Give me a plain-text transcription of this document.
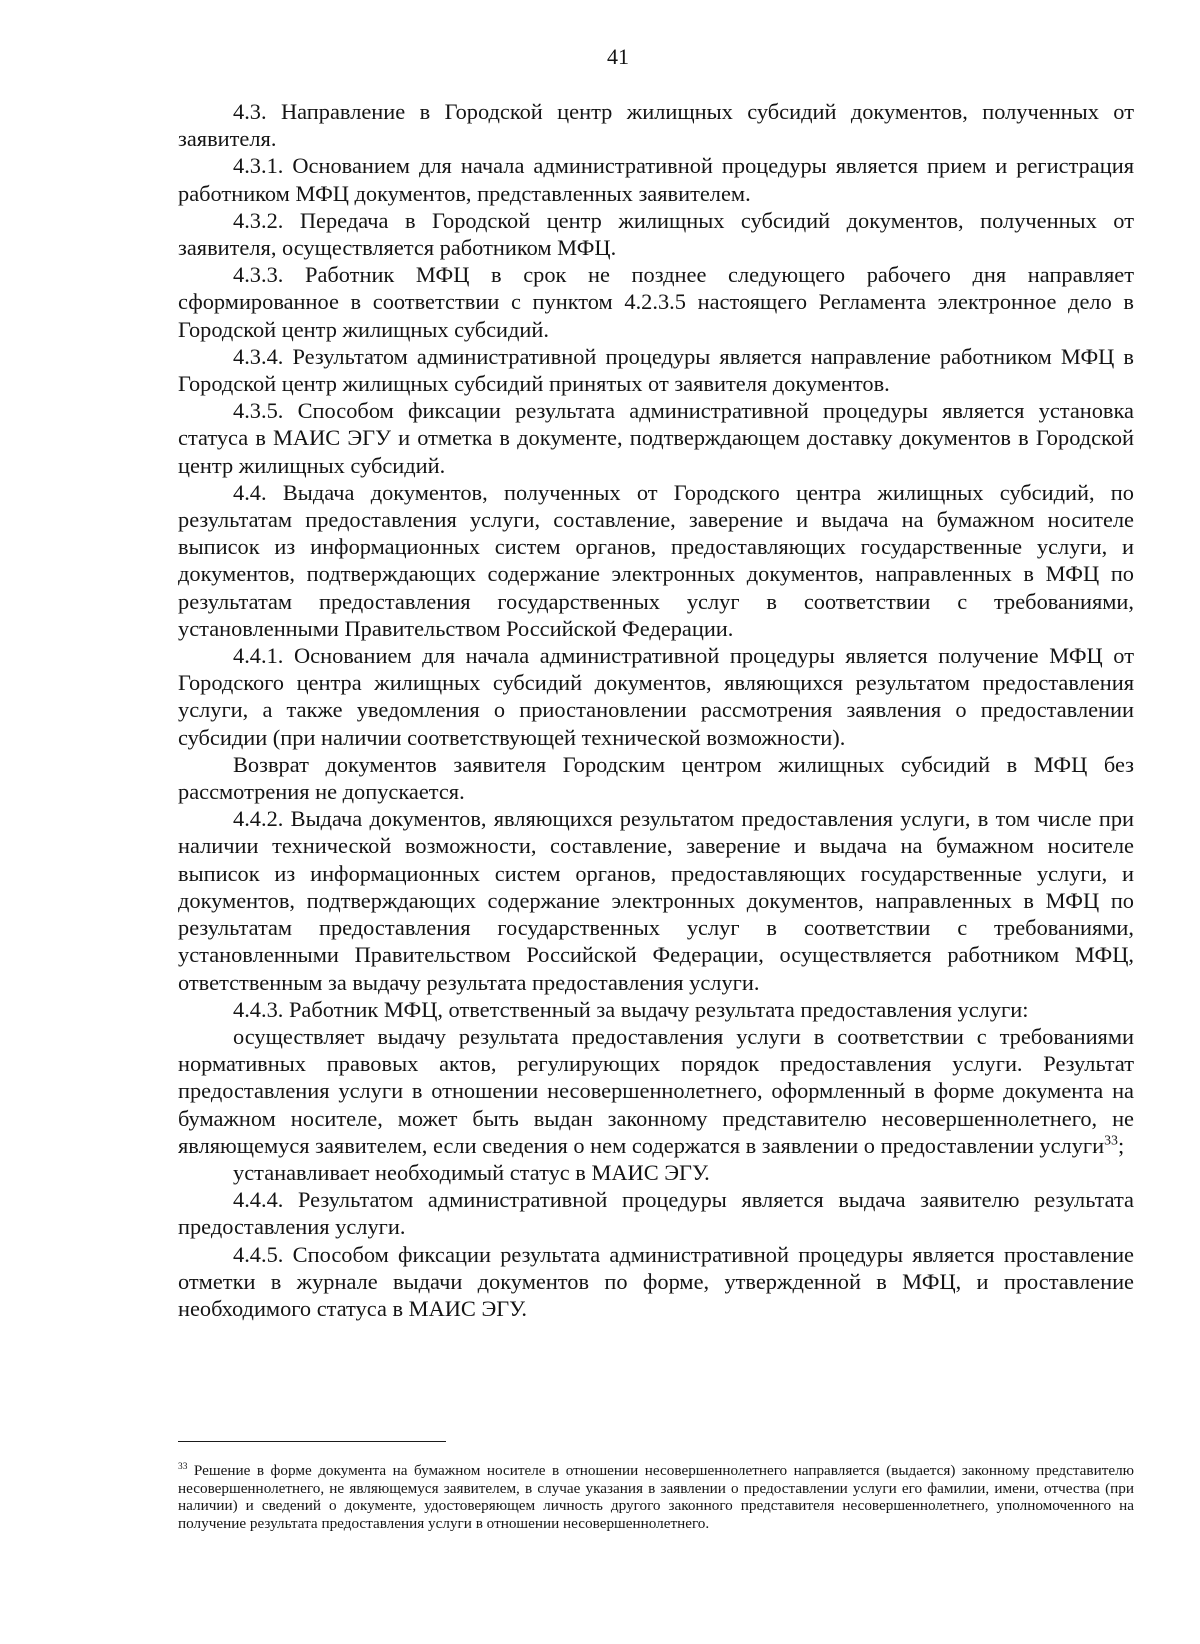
41

4.3. Направление в Городской центр жилищных субсидий документов, полученных от заявителя.

4.3.1. Основанием для начала административной процедуры является прием и регистрация работником МФЦ документов, представленных заявителем.

4.3.2. Передача в Городской центр жилищных субсидий документов, полученных от заявителя, осуществляется работником МФЦ.

4.3.3. Работник МФЦ в срок не позднее следующего рабочего дня направляет сформированное в соответствии с пунктом 4.2.3.5 настоящего Регламента электронное дело в Городской центр жилищных субсидий.

4.3.4. Результатом административной процедуры является направление работником МФЦ в Городской центр жилищных субсидий принятых от заявителя документов.

4.3.5. Способом фиксации результата административной процедуры является установка статуса в МАИС ЭГУ и отметка в документе, подтверждающем доставку документов в Городской центр жилищных субсидий.

4.4. Выдача документов, полученных от Городского центра жилищных субсидий, по результатам предоставления услуги, составление, заверение и выдача на бумажном носителе выписок из информационных систем органов, предоставляющих государственные услуги, и документов, подтверждающих содержание электронных документов, направленных в МФЦ по результатам предоставления государственных услуг в соответствии с требованиями, установленными Правительством Российской Федерации.

4.4.1. Основанием для начала административной процедуры является получение МФЦ от Городского центра жилищных субсидий документов, являющихся результатом предоставления услуги, а также уведомления о приостановлении рассмотрения заявления о предоставлении субсидии (при наличии соответствующей технической возможности).

Возврат документов заявителя Городским центром жилищных субсидий в МФЦ без рассмотрения не допускается.

4.4.2. Выдача документов, являющихся результатом предоставления услуги, в том числе при наличии технической возможности, составление, заверение и выдача на бумажном носителе выписок из информационных систем органов, предоставляющих государственные услуги, и документов, подтверждающих содержание электронных документов, направленных в МФЦ по результатам предоставления государственных услуг в соответствии с требованиями, установленными Правительством Российской Федерации, осуществляется работником МФЦ, ответственным за выдачу результата предоставления услуги.

4.4.3. Работник МФЦ, ответственный за выдачу результата предоставления услуги:

осуществляет выдачу результата предоставления услуги в соответствии с требованиями нормативных правовых актов, регулирующих порядок предоставления услуги. Результат предоставления услуги в отношении несовершеннолетнего, оформленный в форме документа на бумажном носителе, может быть выдан законному представителю несовершеннолетнего, не являющемуся заявителем, если сведения о нем содержатся в заявлении о предоставлении услуги$^{33}$;

устанавливает необходимый статус в МАИС ЭГУ.

4.4.4. Результатом административной процедуры является выдача заявителю результата предоставления услуги.

4.4.5. Способом фиксации результата административной процедуры является проставление отметки в журнале выдачи документов по форме, утвержденной в МФЦ, и проставление необходимого статуса в МАИС ЭГУ.

$^{33}$ Решение в форме документа на бумажном носителе в отношении несовершеннолетнего направляется (выдается) законному представителю несовершеннолетнего, не являющемуся заявителем, в случае указания в заявлении о предоставлении услуги его фамилии, имени, отчества (при наличии) и сведений о документе, удостоверяющем личность другого законного представителя несовершеннолетнего, уполномоченного на получение результата предоставления услуги в отношении несовершеннолетнего.
